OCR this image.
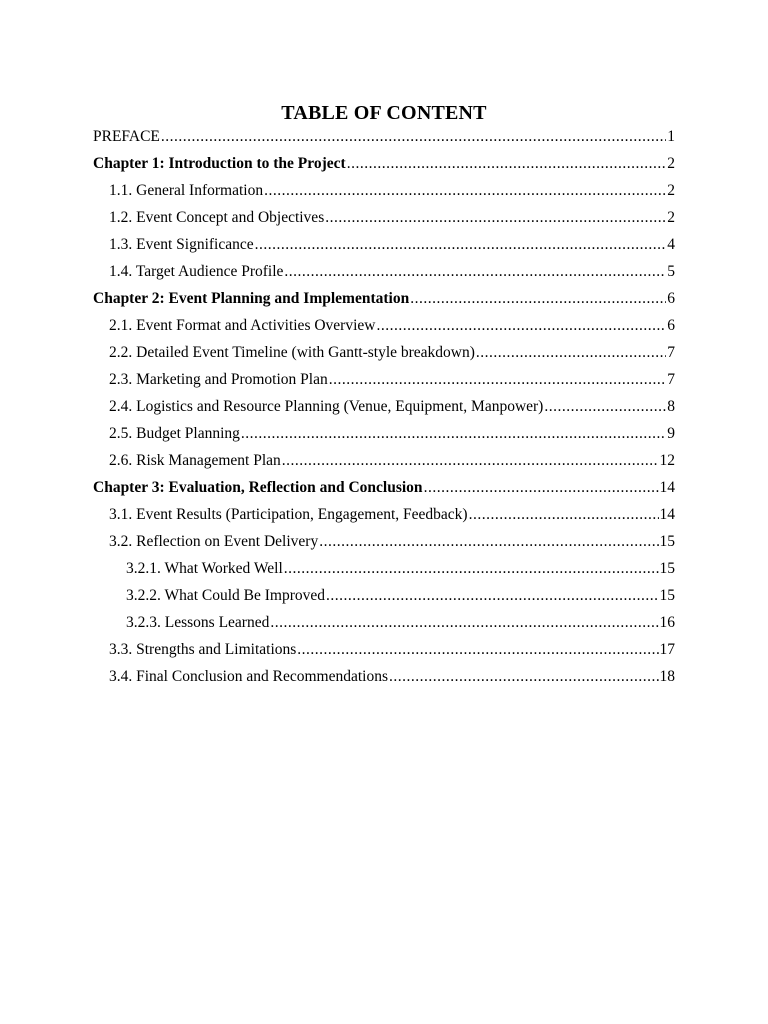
TABLE OF CONTENT
PREFACE .....	1
Chapter 1: Introduction to the Project .....	2
1.1. General Information .....	2
1.2. Event Concept and Objectives .....	2
1.3. Event Significance .....	4
1.4. Target Audience Profile .....	5
Chapter 2: Event Planning and Implementation .....	6
2.1. Event Format and Activities Overview .....	6
2.2. Detailed Event Timeline (with Gantt-style breakdown) .....	7
2.3. Marketing and Promotion Plan .....	7
2.4. Logistics and Resource Planning (Venue, Equipment, Manpower) .....	8
2.5. Budget Planning .....	9
2.6. Risk Management Plan .....	12
Chapter 3: Evaluation, Reflection and Conclusion .....	14
3.1. Event Results (Participation, Engagement, Feedback) .....	14
3.2. Reflection on Event Delivery .....	15
3.2.1. What Worked Well .....	15
3.2.2. What Could Be Improved .....	15
3.2.3. Lessons Learned .....	16
3.3. Strengths and Limitations .....	17
3.4. Final Conclusion and Recommendations .....	18
